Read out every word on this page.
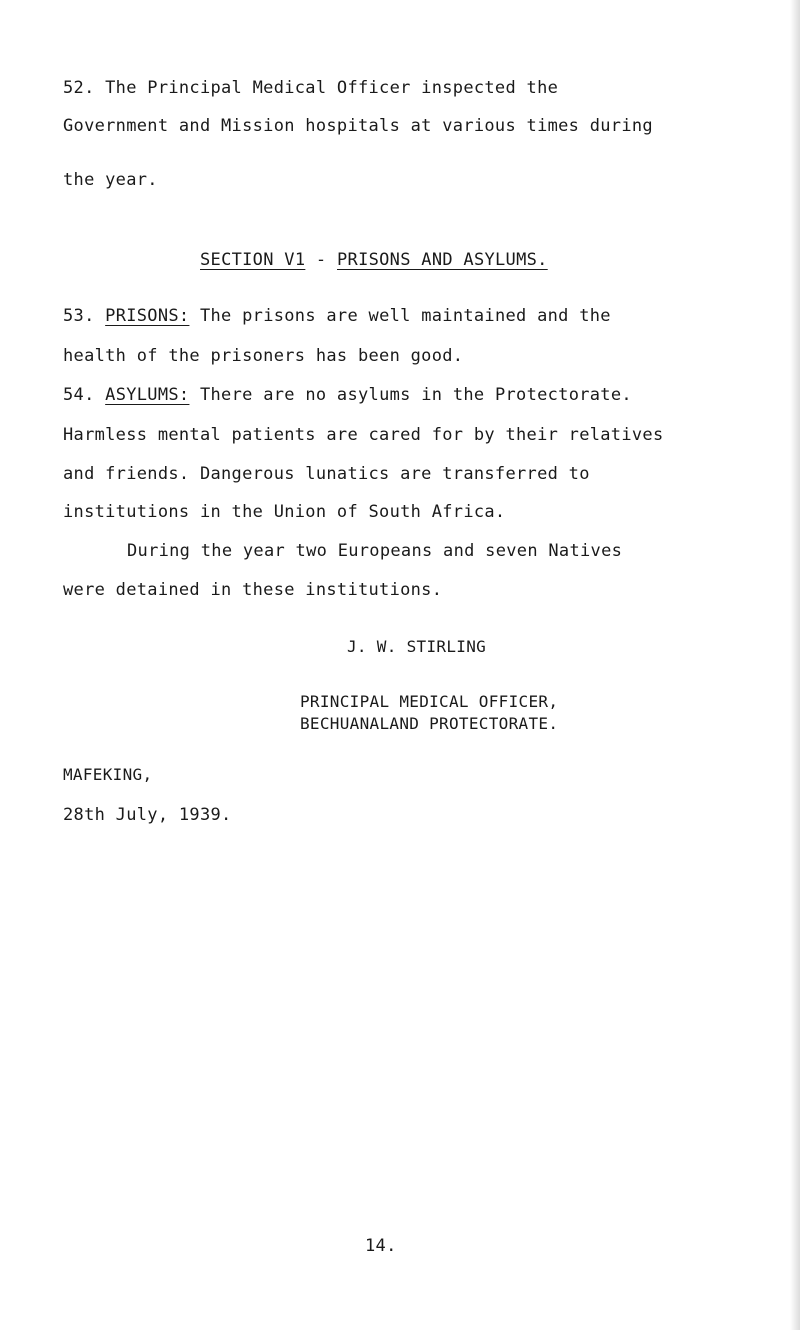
52. The Principal Medical Officer inspected the
Government and Mission hospitals at various times during
the year.
SECTION V1 - PRISONS AND ASYLUMS.
53. PRISONS: The prisons are well maintained and the
health of the prisoners has been good.
54. ASYLUMS: There are no asylums in the Protectorate.
Harmless mental patients are cared for by their relatives
and friends. Dangerous lunatics are transferred to
institutions in the Union of South Africa.
During the year two Europeans and seven Natives
were detained in these institutions.
J. W. STIRLING
PRINCIPAL MEDICAL OFFICER,
BECHUANALAND PROTECTORATE.
MAFEKING,
28th July, 1939.
14.
